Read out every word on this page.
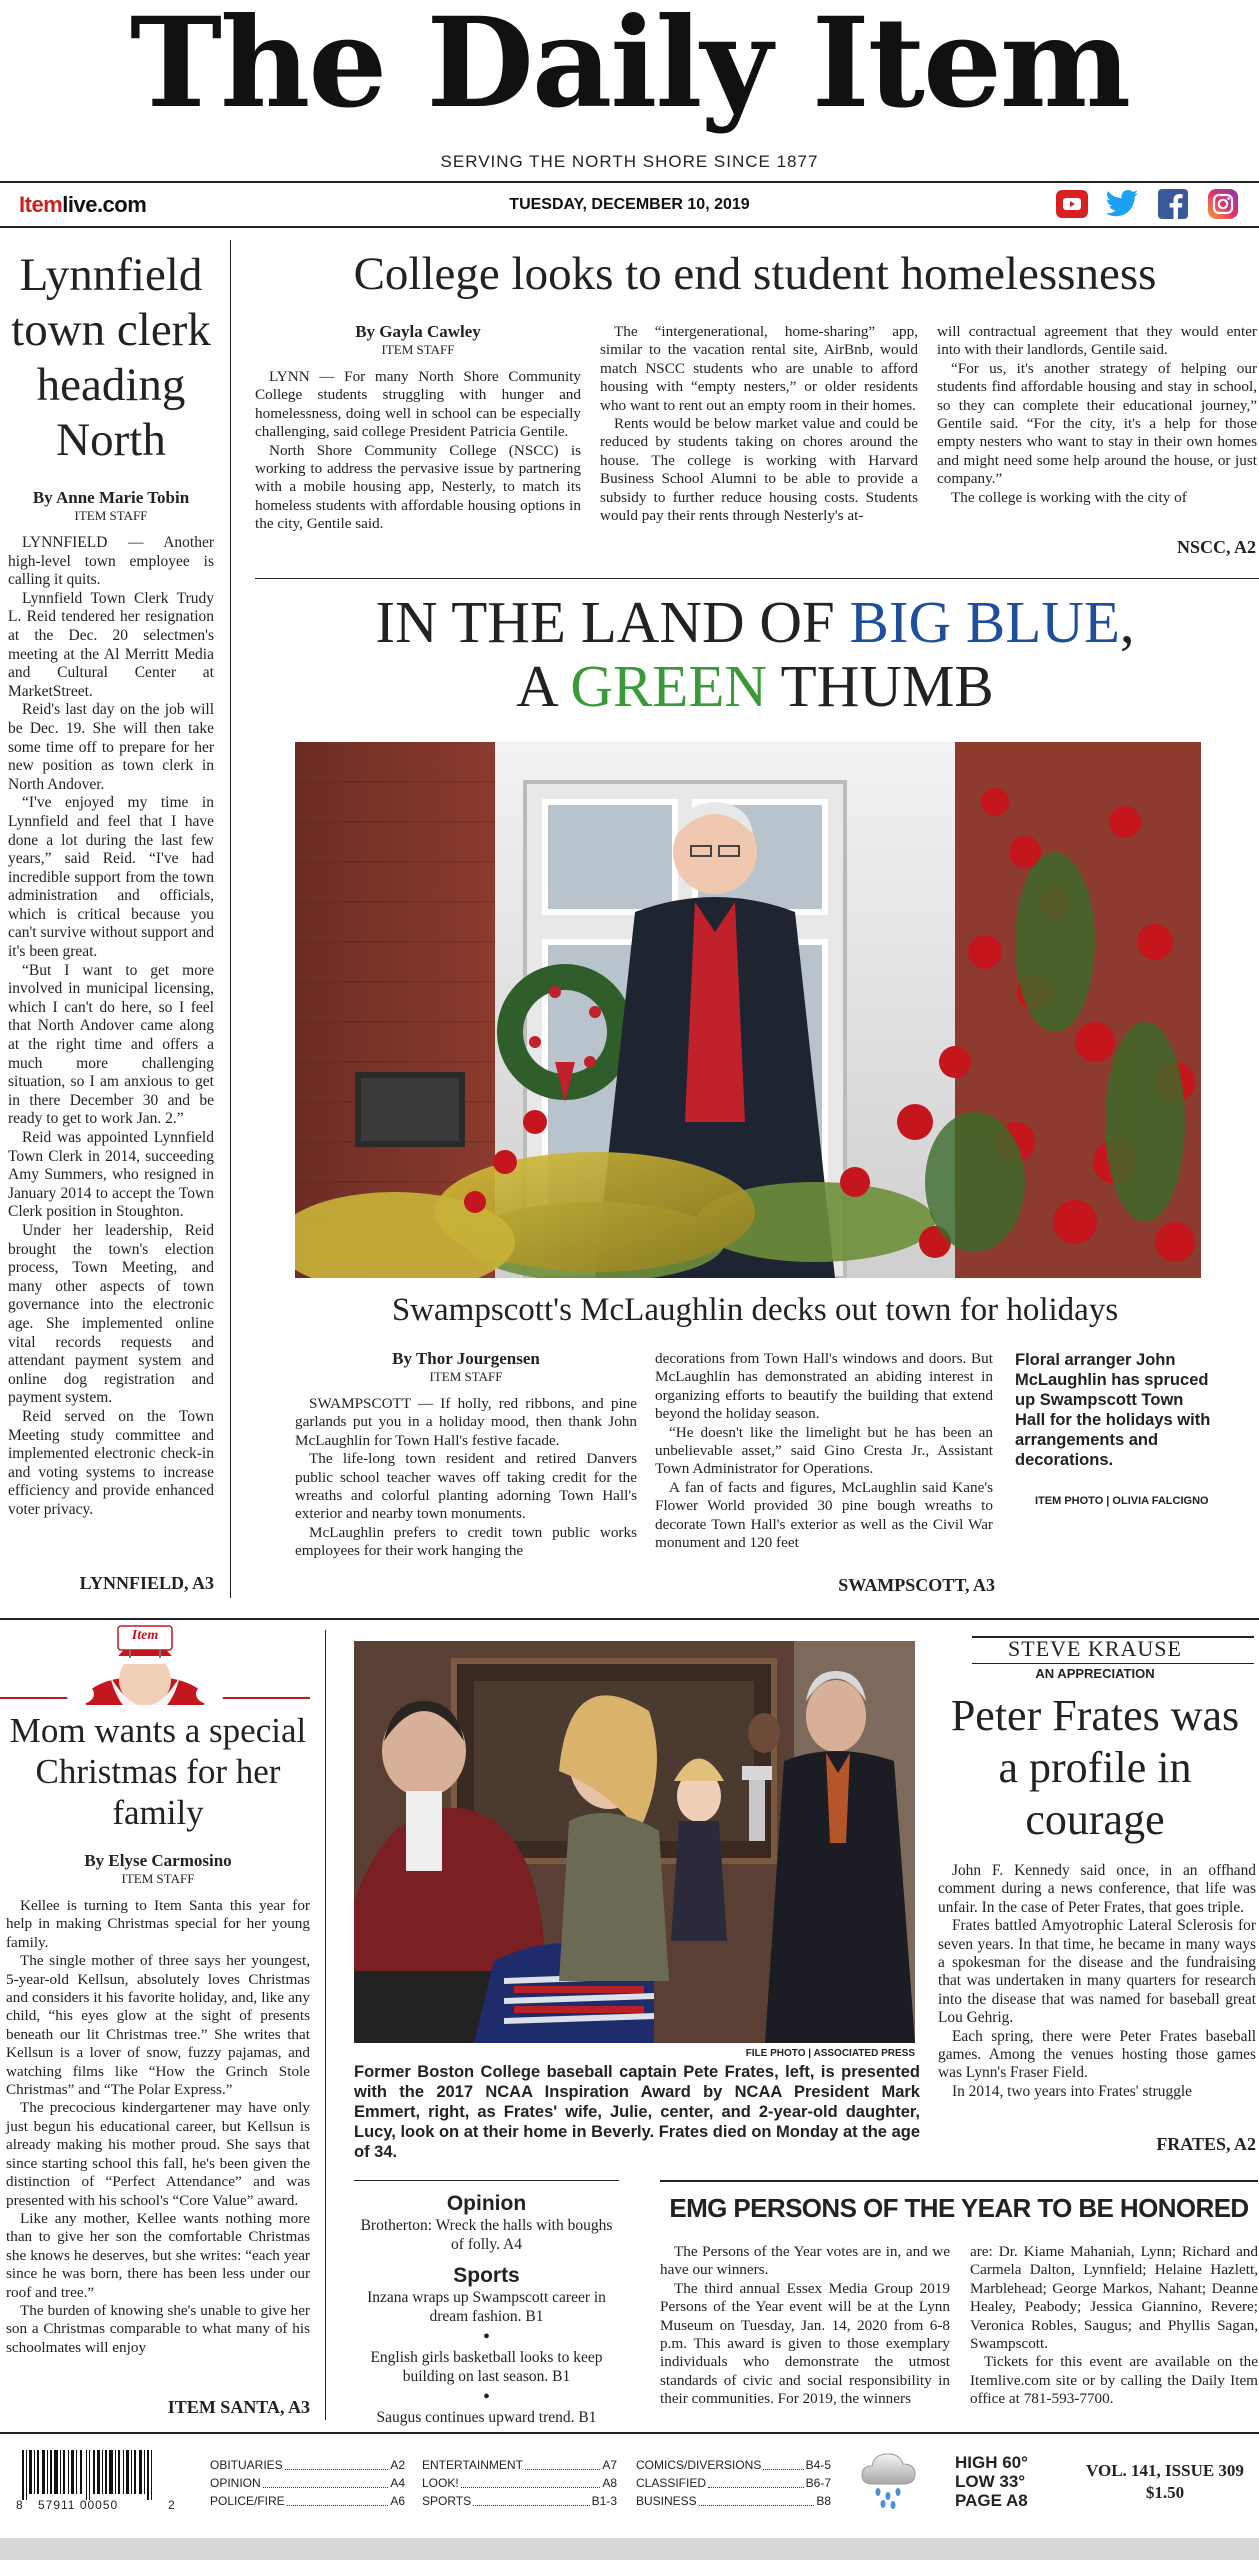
The Daily Item
SERVING THE NORTH SHORE SINCE 1877
Itemlive.com	TUESDAY, DECEMBER 10, 2019
Lynnfield town clerk heading North
By Anne Marie Tobin
ITEM STAFF

LYNNFIELD — Another high-level town employee is calling it quits.

Lynnfield Town Clerk Trudy L. Reid tendered her resignation at the Dec. 20 selectmen's meeting at the Al Merritt Media and Cultural Center at MarketStreet.

Reid's last day on the job will be Dec. 19. She will then take some time off to prepare for her new position as town clerk in North Andover.

“I've enjoyed my time in Lynnfield and feel that I have done a lot during the last few years,” said Reid. “I've had incredible support from the town administration and officials, which is critical because you can't survive without support and it's been great.

“But I want to get more involved in municipal licensing, which I can't do here, so I feel that North Andover came along at the right time and offers a much more challenging situation, so I am anxious to get in there December 30 and be ready to get to work Jan. 2.”

Reid was appointed Lynnfield Town Clerk in 2014, succeeding Amy Summers, who resigned in January 2014 to accept the Town Clerk position in Stoughton.

Under her leadership, Reid brought the town's election process, Town Meeting, and many other aspects of town governance into the electronic age. She implemented online vital records requests and attendant payment system and online dog registration and payment system.

Reid served on the Town Meeting study committee and implemented electronic check-in and voting systems to increase efficiency and provide enhanced voter privacy.

LYNNFIELD, A3
College looks to end student homelessness
By Gayla Cawley
ITEM STAFF

LYNN — For many North Shore Community College students struggling with hunger and homelessness, doing well in school can be especially challenging, said college President Patricia Gentile.

North Shore Community College (NSCC) is working to address the pervasive issue by partnering with a mobile housing app, Nesterly, to match its homeless students with affordable housing options in the city, Gentile said.

The “intergenerational, home-sharing” app, similar to the vacation rental site, AirBnb, would match NSCC students who are unable to afford housing with “empty nesters,” or older residents who want to rent out an empty room in their homes.

Rents would be below market value and could be reduced by students taking on chores around the house. The college is working with Harvard Business School Alumni to be able to provide a subsidy to further reduce housing costs. Students would pay their rents through Nesterly's at-

will contractual agreement that they would enter into with their landlords, Gentile said.

“For us, it's another strategy of helping our students find affordable housing and stay in school, so they can complete their educational journey,” Gentile said. “For the city, it's a help for those empty nesters who want to stay in their own homes and might need some help around the house, or just company.”

The college is working with the city of

NSCC, A2
IN THE LAND OF BIG BLUE,
A GREEN THUMB
Swampscott's McLaughlin decks out town for holidays
By Thor Jourgensen
ITEM STAFF

SWAMPSCOTT — If holly, red ribbons, and pine garlands put you in a holiday mood, then thank John McLaughlin for Town Hall's festive facade.

The life-long town resident and retired Danvers public school teacher waves off taking credit for the wreaths and colorful planting adorning Town Hall's exterior and nearby town monuments.

McLaughlin prefers to credit town public works employees for their work hanging the

decorations from Town Hall's windows and doors. But McLaughlin has demonstrated an abiding interest in organizing efforts to beautify the building that extend beyond the holiday season.

“He doesn't like the limelight but he has been an unbelievable asset,” said Gino Cresta Jr., Assistant Town Administrator for Operations.

A fan of facts and figures, McLaughlin said Kane's Flower World provided 30 pine bough wreaths to decorate Town Hall's exterior as well as the Civil War monument and 120 feet

Floral arranger John McLaughlin has spruced up Swampscott Town Hall for the holidays with arrangements and decorations.
ITEM PHOTO | OLIVIA FALCIGNO
SWAMPSCOTT, A3
Item
Mom wants a special Christmas for her family
By Elyse Carmosino
ITEM STAFF

Kellee is turning to Item Santa this year for help in making Christmas special for her young family.

The single mother of three says her youngest, 5-year-old Kellsun, absolutely loves Christmas and considers it his favorite holiday, and, like any child, “his eyes glow at the sight of presents beneath our lit Christmas tree.” She writes that Kellsun is a lover of snow, fuzzy pajamas, and watching films like “How the Grinch Stole Christmas” and “The Polar Express.”

The precocious kindergartener may have only just begun his educational career, but Kellsun is already making his mother proud. She says that since starting school this fall, he's been given the distinction of “Perfect Attendance” and was presented with his school's “Core Value” award.

Like any mother, Kellee wants nothing more than to give her son the comfortable Christmas she knows he deserves, but she writes: “each year since he was born, there has been less under our roof and tree.”

The burden of knowing she's unable to give her son a Christmas comparable to what many of his schoolmates will enjoy

ITEM SANTA, A3
FILE PHOTO | ASSOCIATED PRESS
Former Boston College baseball captain Pete Frates, left, is presented with the 2017 NCAA Inspiration Award by NCAA President Mark Emmert, right, as Frates' wife, Julie, center, and 2-year-old daughter, Lucy, look on at their home in Beverly. Frates died on Monday at the age of 34.
STEVE KRAUSE
AN APPRECIATION
Peter Frates was a profile in courage

John F. Kennedy said once, in an offhand comment during a news conference, that life was unfair. In the case of Peter Frates, that goes triple.

Frates battled Amyotrophic Lateral Sclerosis for seven years. In that time, he became in many ways a spokesman for the disease and the fundraising that was undertaken in many quarters for research into the disease that was named for baseball great Lou Gehrig.

Each spring, there were Peter Frates baseball games. Among the venues hosting those games was Lynn's Fraser Field.

In 2014, two years into Frates' struggle

FRATES, A2
Opinion
Brotherton: Wreck the halls with boughs of folly. A4
Sports
Inzana wraps up Swampscott career in dream fashion. B1
•
English girls basketball looks to keep building on last season. B1
•
Saugus continues upward trend. B1
EMG PERSONS OF THE YEAR TO BE HONORED

The Persons of the Year votes are in, and we have our winners.

The third annual Essex Media Group 2019 Persons of the Year event will be at the Lynn Museum on Tuesday, Jan. 14, 2020 from 6-8 p.m. This award is given to those exemplary individuals who demonstrate the utmost standards of civic and social responsibility in their communities. For 2019, the winners

are: Dr. Kiame Mahaniah, Lynn; Richard and Carmela Dalton, Lynnfield; Helaine Hazlett, Marblehead; George Markos, Nahant; Deanne Healey, Peabody; Jessica Giannino, Revere; Veronica Robles, Saugus; and Phyllis Sagan, Swampscott.

Tickets for this event are available on the Itemlive.com site or by calling the Daily Item office at 781-593-7700.

8 57911 00050	2
OBITUARIES	A2
OPINION	A4
POLICE/FIRE	A6
ENTERTAINMENT	A7
LOOK!	A8
SPORTS	B1-3
COMICS/DIVERSIONS	B4-5
CLASSIFIED	B6-7
BUSINESS	B8
HIGH 60°
LOW 33°
PAGE A8
VOL. 141, ISSUE 309
$1.50
